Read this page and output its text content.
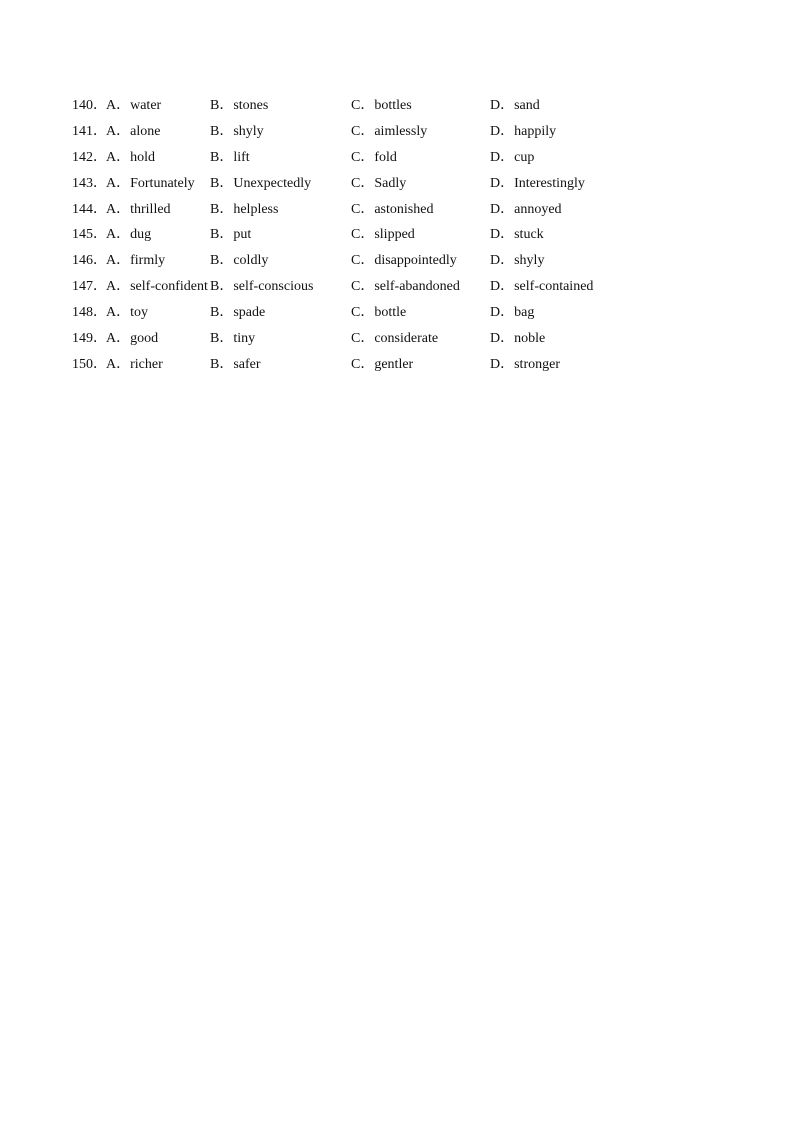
140． A．water	B．stones	C．bottles	D．sand
141． A．alone	B．shyly	C．aimlessly	D．happily
142． A．hold	B．lift	C．fold	D．cup
143． A．Fortunately B．Unexpectedly	C．Sadly	D．Interestingly
144． A．thrilled	B．helpless	C．astonished	D．annoyed
145． A．dug	B．put	C．slipped	D．stuck
146． A．firmly	B．coldly	C．disappointedly D．shyly
147． A．self-confident B．self-conscious	C．self-abandoned D．self-contained
148． A．toy	B．spade	C．bottle	D．bag
149． A．good	B．tiny	C．considerate	D．noble
150． A．richer	B．safer	C．gentler	D．stronger
